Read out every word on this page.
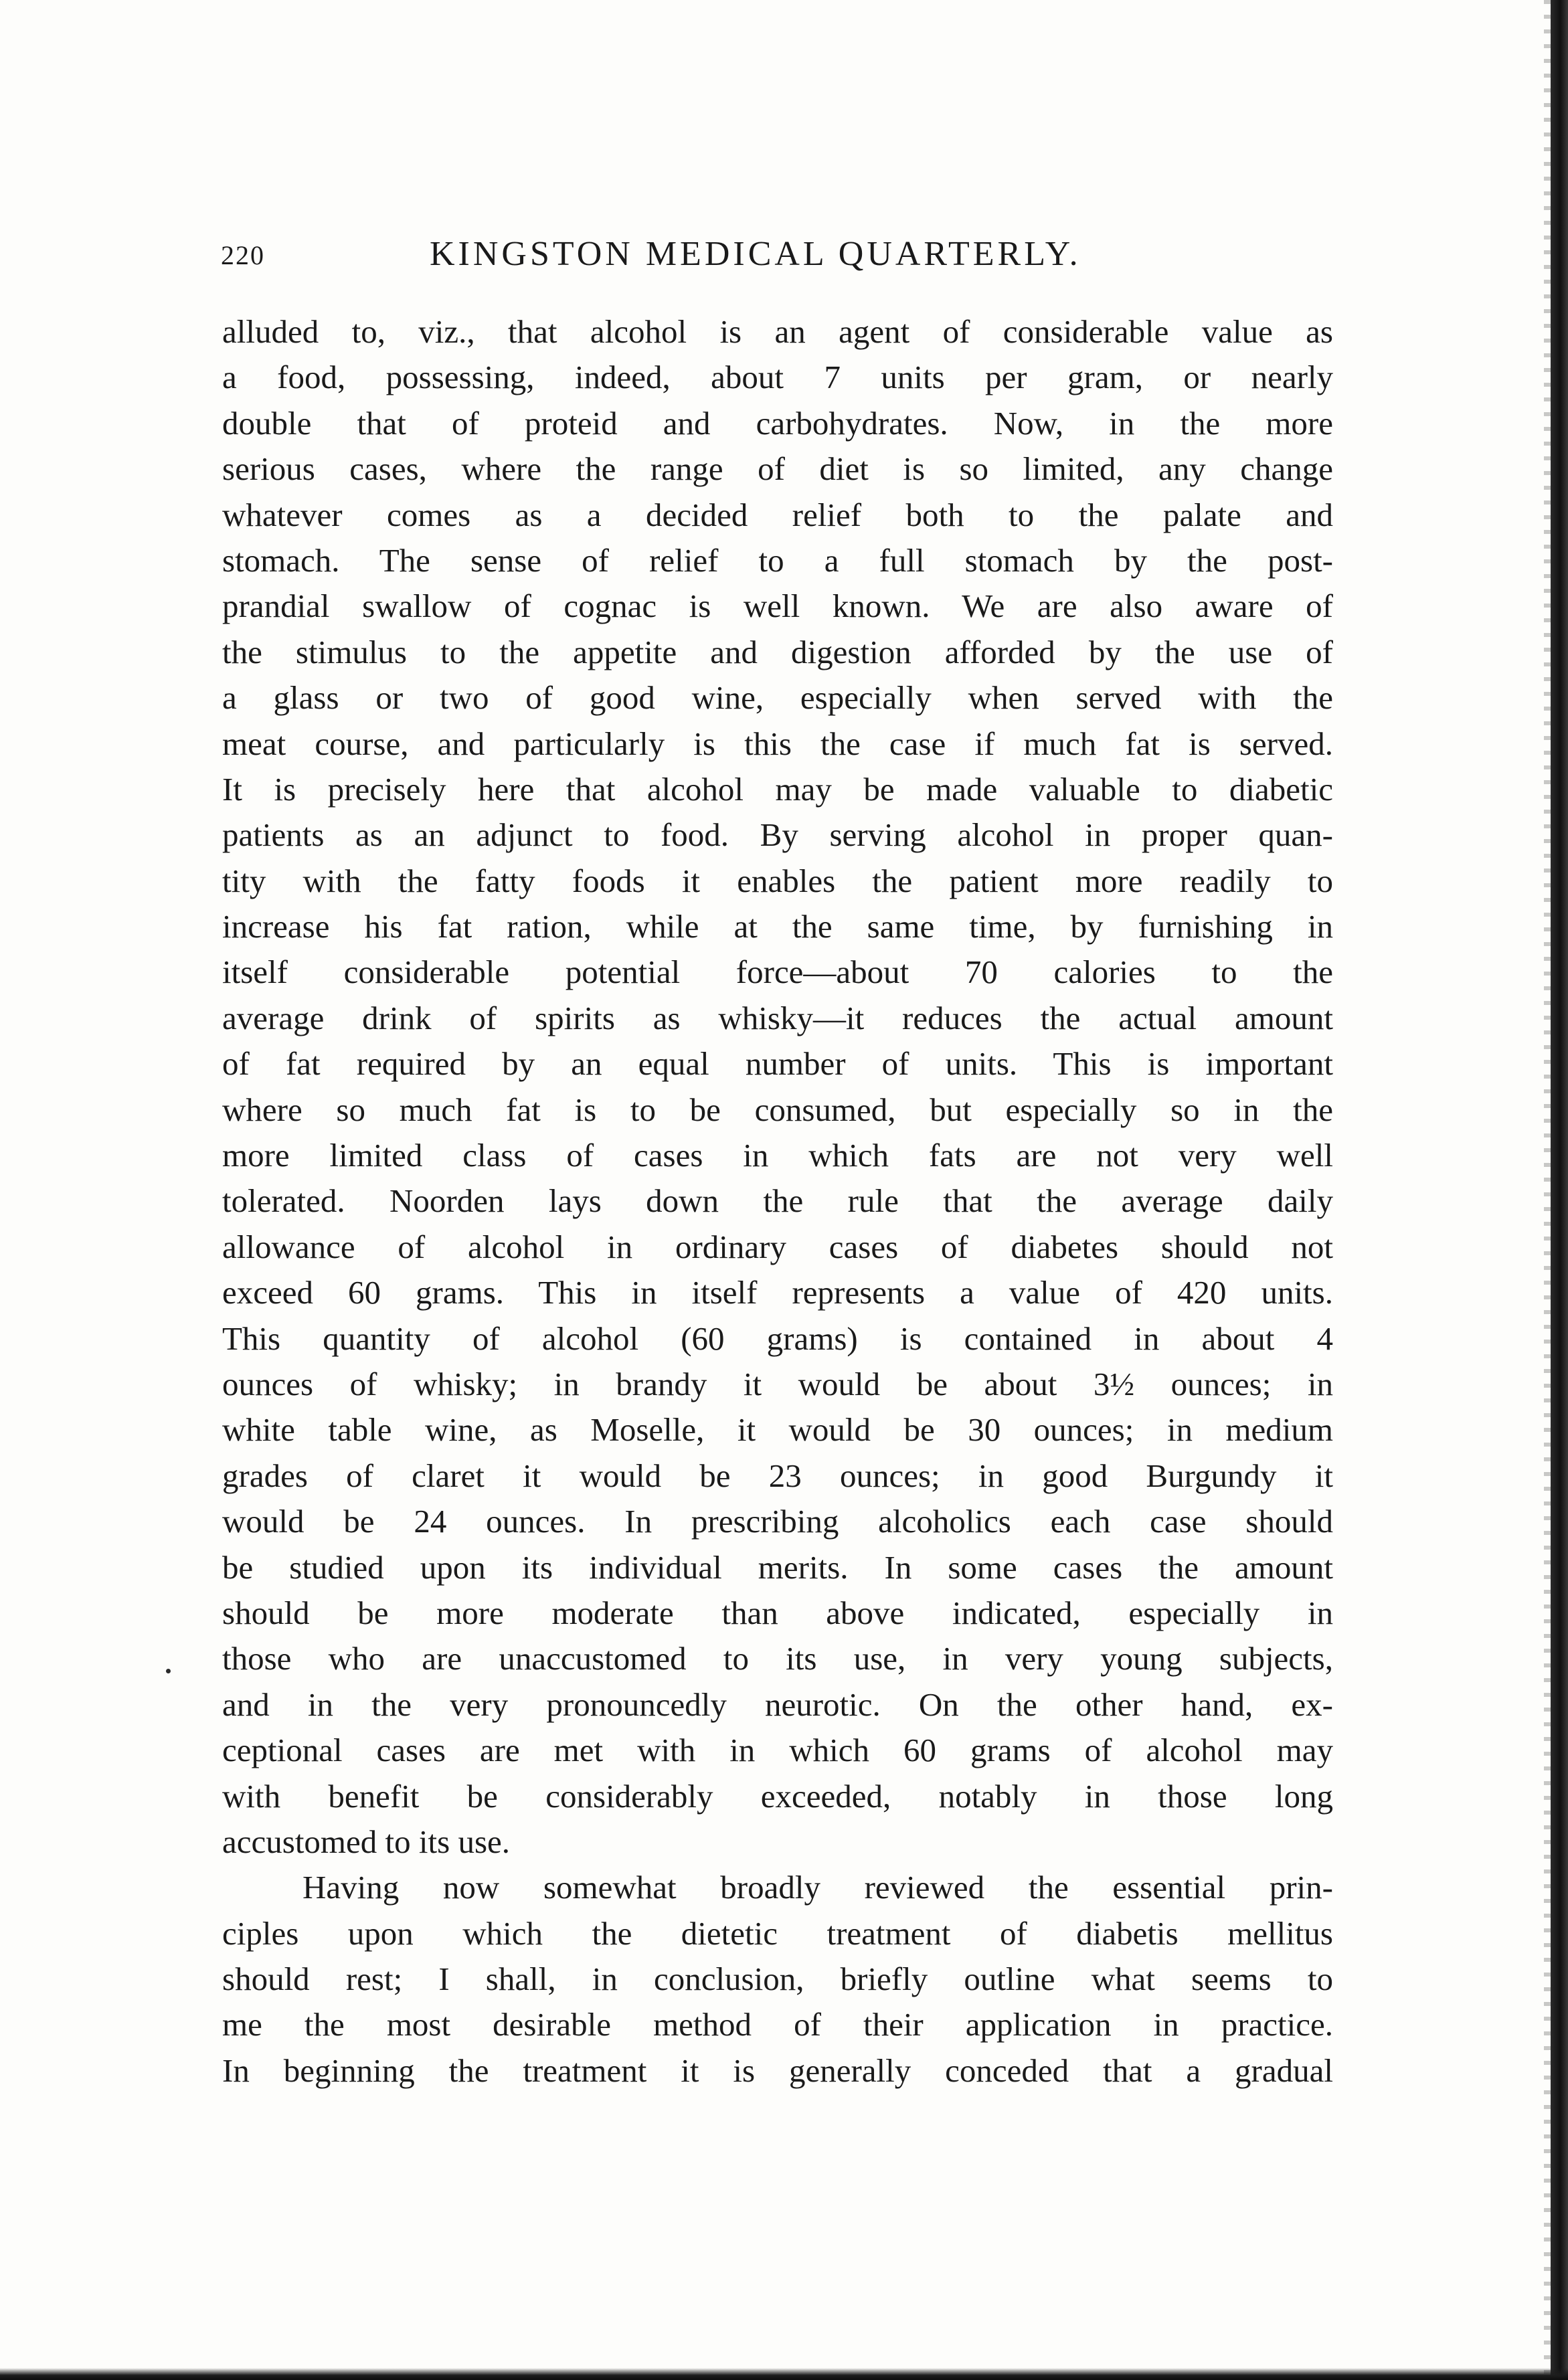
220	KINGSTON MEDICAL QUARTERLY.
alluded to, viz., that alcohol is an agent of considerable value as
a food, possessing, indeed, about 7 units per gram, or nearly
double that of proteid and carbohydrates. Now, in the more
serious cases, where the range of diet is so limited, any change
whatever comes as a decided relief both to the palate and
stomach. The sense of relief to a full stomach by the post-
prandial swallow of cognac is well known. We are also aware of
the stimulus to the appetite and digestion afforded by the use of
a glass or two of good wine, especially when served with the
meat course, and particularly is this the case if much fat is served.
It is precisely here that alcohol may be made valuable to diabetic
patients as an adjunct to food. By serving alcohol in proper quan-
tity with the fatty foods it enables the patient more readily to
increase his fat ration, while at the same time, by furnishing in
itself considerable potential force—about 70 calories to the
average drink of spirits as whisky—it reduces the actual amount
of fat required by an equal number of units. This is important
where so much fat is to be consumed, but especially so in the
more limited class of cases in which fats are not very well
tolerated. Noorden lays down the rule that the average daily
allowance of alcohol in ordinary cases of diabetes should not
exceed 60 grams. This in itself represents a value of 420 units.
This quantity of alcohol (60 grams) is contained in about 4
ounces of whisky; in brandy it would be about 3½ ounces; in
white table wine, as Moselle, it would be 30 ounces; in medium
grades of claret it would be 23 ounces; in good Burgundy it
would be 24 ounces. In prescribing alcoholics each case should
be studied upon its individual merits. In some cases the amount
should be more moderate than above indicated, especially in
those who are unaccustomed to its use, in very young subjects,
and in the very pronouncedly neurotic. On the other hand, ex-
ceptional cases are met with in which 60 grams of alcohol may
with benefit be considerably exceeded, notably in those long
accustomed to its use.
Having now somewhat broadly reviewed the essential prin-
ciples upon which the dietetic treatment of diabetis mellitus
should rest; I shall, in conclusion, briefly outline what seems to
me the most desirable method of their application in practice.
In beginning the treatment it is generally conceded that a gradual
